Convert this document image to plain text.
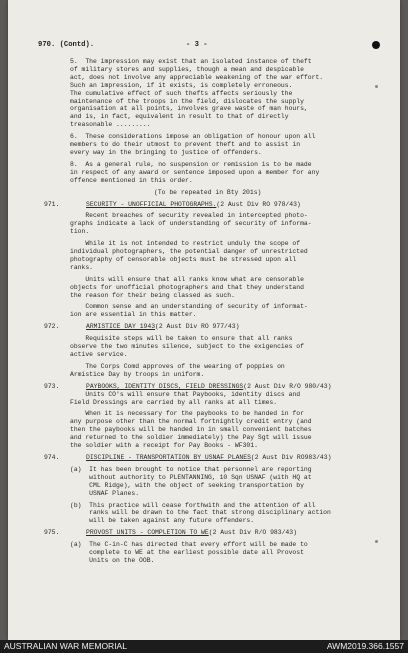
970. (Contd).	- 3 -

5.  The impression may exist that an isolated instance of theft

of military stores and supplies, though a mean and despicable

act, does not involve any appreciable weakening of the war effort.

Such an impression, if it exists, is completely erroneous.

The cumulative effect of such thefts affects seriously the

maintenance of the troops in the field, dislocates the supply

organisation at all points, involves grave waste of man hours,

and is, in fact, equivalent in result to that of directly

treasonable .........

6.  These considerations impose an obligation of honour upon all

members to do their utmost to prevent theft and to assist in

every way in the bringing to justice of offenders.

8.  As a general rule, no suspension or remission is to be made

in respect of any award or sentence imposed upon a member for any

offence mentioned in this order.

(To be repeated in Bty 201s)

971.	SECURITY - UNOFFICIAL PHOTOGRAPHS. (2 Aust Div RO 978/43)

Recent breaches of security revealed in intercepted photo-

graphs indicate a lack of understanding of security of informa-

tion.

While it is not intended to restrict unduly the scope of

individual photographers, the potential danger of unrestricted

photography of censorable objects must be stressed upon all

ranks.

Units will ensure that all ranks know what are censorable

objects for unofficial photographers and that they understand

the reason for their being classed as such.

Common sense and an understanding of security of informat-

ion are essential in this matter.

972.	ARMISTICE DAY 1943 (2 Aust Div RO 977/43)

Requisite steps will be taken to ensure that all ranks

observe the two minutes silence, subject to the exigencies of

active service.

The Corps Comd approves of the wearing of poppies on

Armistice Day by troops in uniform.

973.	PAYBOOKS, IDENTITY DISCS, FIELD DRESSINGS (2 Aust Div R/O 980/43)

Units CO's will ensure that Paybooks, identity discs and

Field Dressings are carried by all ranks at all times.

When it is necessary for the paybooks to be handed in for

any purpose other than the normal fortnightly credit entry (and

then the paybooks will be handed in in small convenient batches

and returned to the soldier immediately) the Pay Sgt will issue

the soldier with a receipt for Pay Books - WF301.

974.	DISCIPLINE - TRANSPORTATION BY USNAF PLANES (2 Aust Div RO983/43)

(a)  It has been brought to notice that personnel are reporting

without authority to PLENTANNING, 10 Sqn USNAF (with HQ at

CML Ridge), with the object of seeking transportation by

USNAF Planes.

(b)  This practice will cease forthwith and the attention of all

ranks will be drawn to the fact that strong disciplinary action

will be taken against any future offenders.

975.	PROVOST UNITS - COMPLETION TO WE (2 Aust Div R/O 983/43)

(a)  The C-in-C has directed that every effort will be made to

complete to WE at the earliest possible date all Provost

Units on the OOB.

AUSTRALIAN WAR MEMORIAL	AWM2019.366.1557
